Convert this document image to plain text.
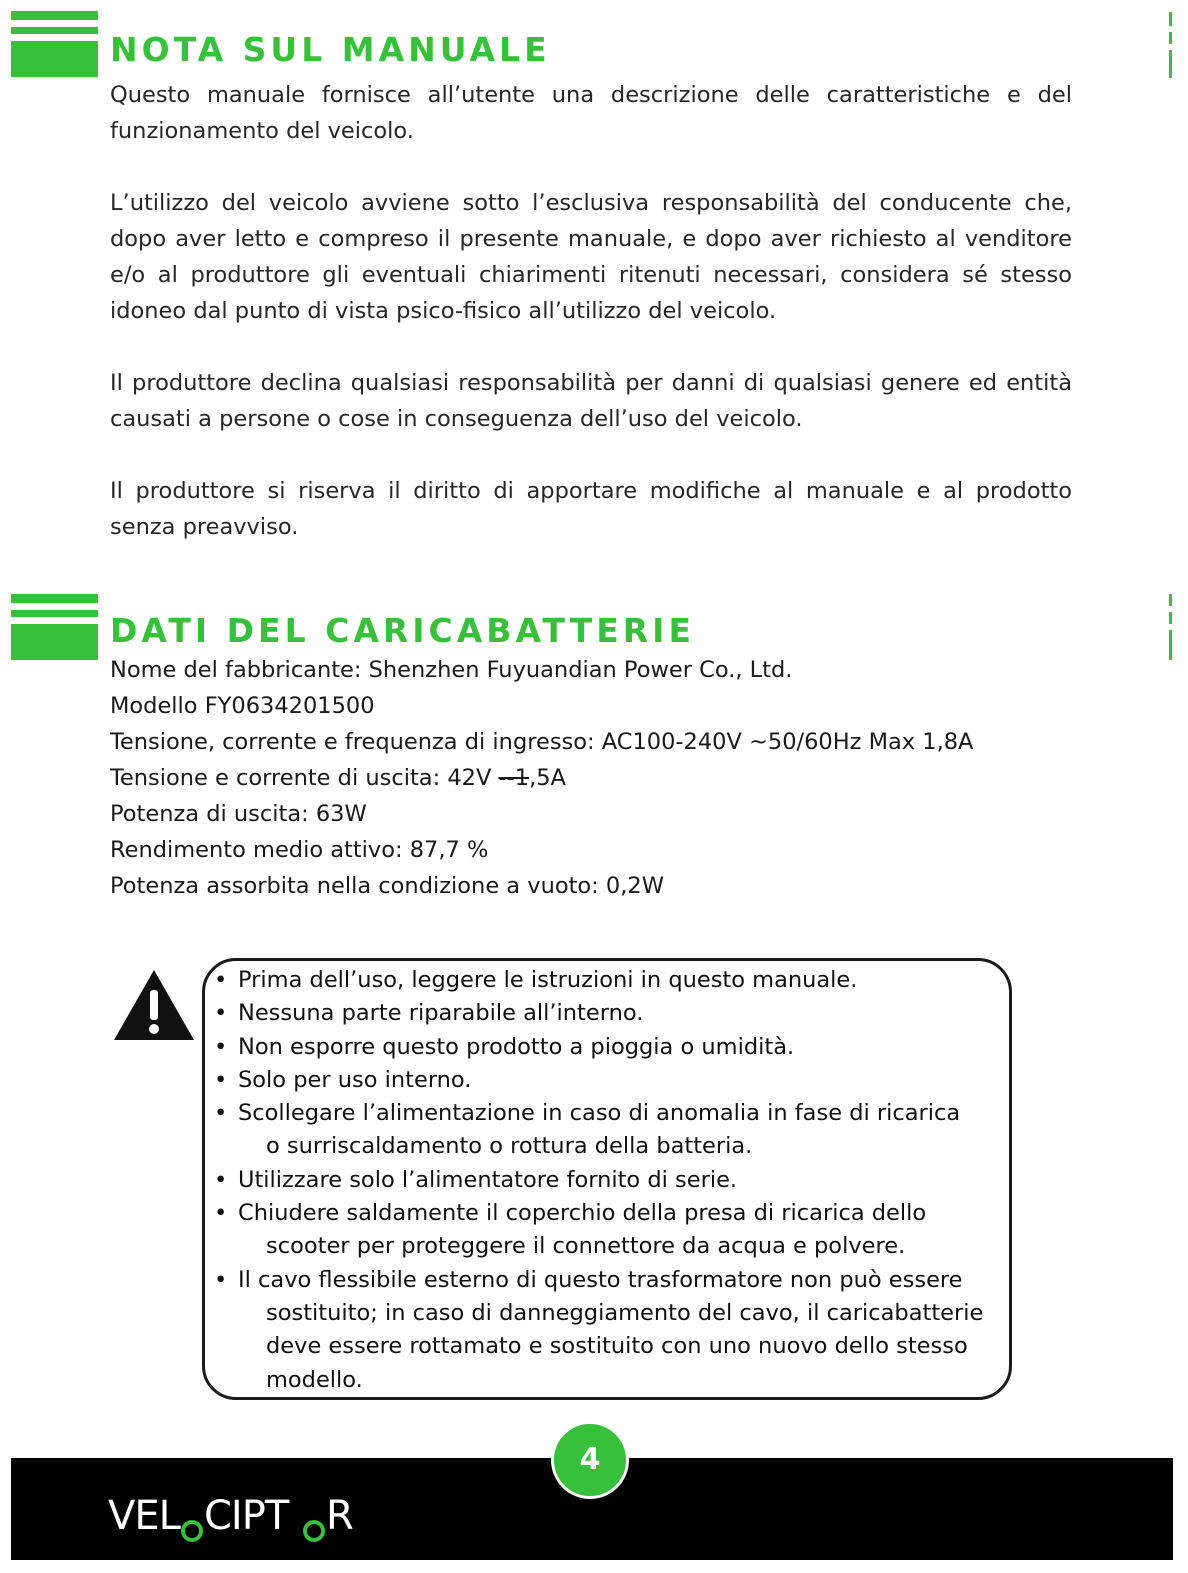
NOTA SUL MANUALE

Questo manuale fornisce all’utente una descrizione delle caratteristiche e del funzionamento del veicolo.

L’utilizzo del veicolo avviene sotto l’esclusiva responsabilità del conducente che, dopo aver letto e compreso il presente manuale, e dopo aver richiesto al venditore e/o al produttore gli eventuali chiarimenti ritenuti necessari, considera sé stesso idoneo dal punto di vista psico-fisico all’utilizzo del veicolo.

Il produttore declina qualsiasi responsabilità per danni di qualsiasi genere ed entità causati a persone o cose in conseguenza dell’uso del veicolo.

Il produttore si riserva il diritto di apportare modifiche al manuale e al prodotto senza preavviso.

DATI DEL CARICABATTERIE
Nome del fabbricante: Shenzhen Fuyuandian Power Co., Ltd.
Modello FY0634201500
Tensione, corrente e frequenza di ingresso: AC100-240V ~50/60Hz Max 1,8A
Tensione e corrente di uscita: 42V --1,5A
Potenza di uscita: 63W
Rendimento medio attivo: 87,7 %
Potenza assorbita nella condizione a vuoto: 0,2W
• Prima dell’uso, leggere le istruzioni in questo manuale.
• Nessuna parte riparabile all’interno.
• Non esporre questo prodotto a pioggia o umidità.
• Solo per uso interno.
• Scollegare l’alimentazione in caso di anomalia in fase di ricarica
o surriscaldamento o rottura della batteria.
• Utilizzare solo l’alimentatore fornito di serie.
• Chiudere saldamente il coperchio della presa di ricarica dello
scooter per proteggere il connettore da acqua e polvere.
• Il cavo flessibile esterno di questo trasformatore non può essere
sostituito; in caso di danneggiamento del cavo, il caricabatterie
deve essere rottamato e sostituito con uno nuovo dello stesso
modello.
4
VEL CIPT R
